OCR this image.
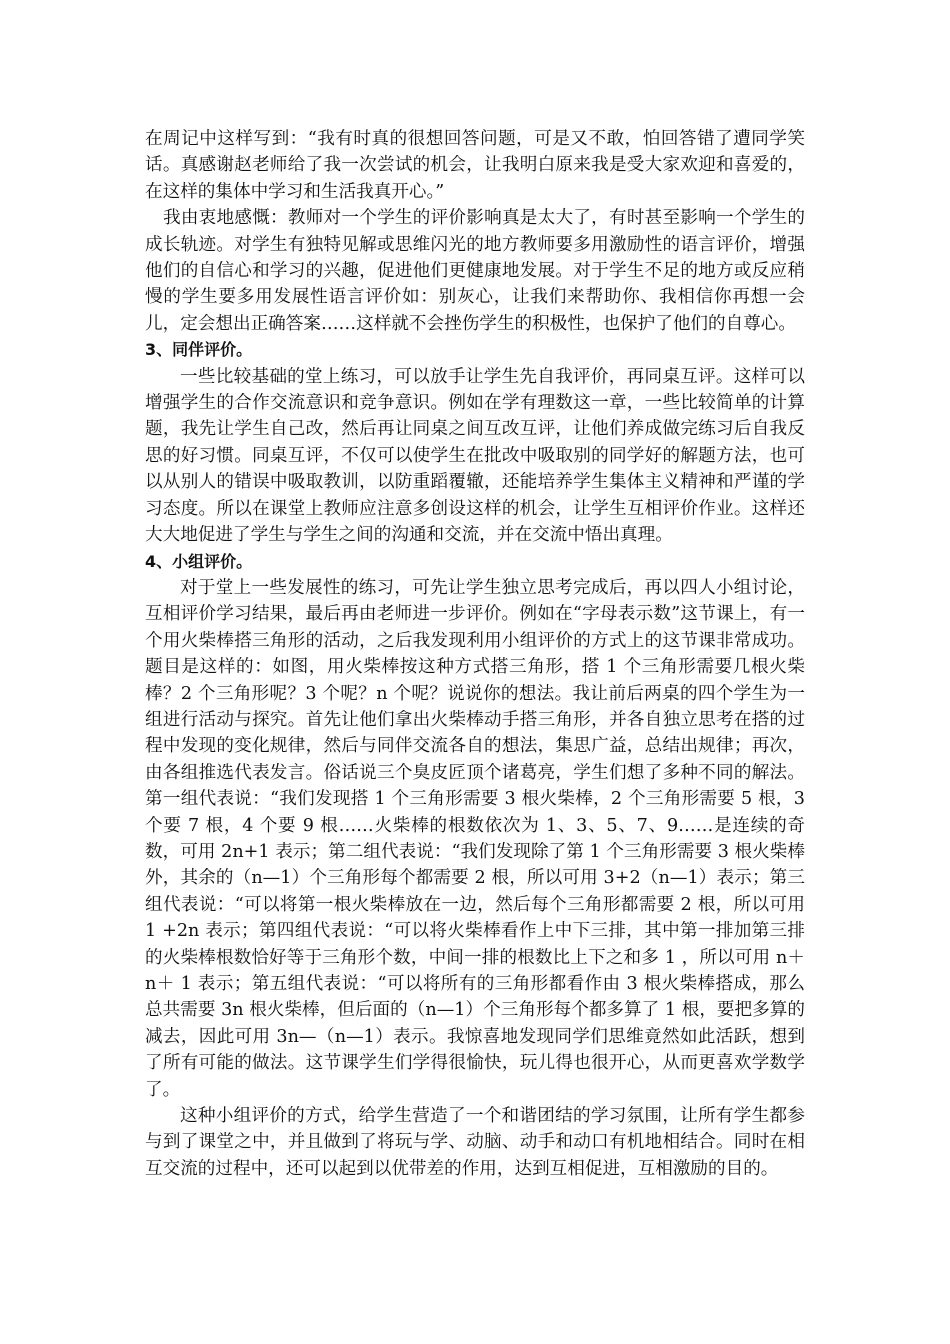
在周记中这样写到：“我有时真的很想回答问题，可是又不敢，怕回答错了遭同学笑话。真感谢赵老师给了我一次尝试的机会，让我明白原来我是受大家欢迎和喜爱的，在这样的集体中学习和生活我真开心。”

我由衷地感慨：教师对一个学生的评价影响真是太大了，有时甚至影响一个学生的成长轨迹。对学生有独特见解或思维闪光的地方教师要多用激励性的语言评价，增强他们的自信心和学习的兴趣，促进他们更健康地发展。对于学生不足的地方或反应稍慢的学生要多用发展性语言评价如：别灰心，让我们来帮助你、我相信你再想一会儿，定会想出正确答案……这样就不会挫伤学生的积极性，也保护了他们的自尊心。

3、同伴评价。

一些比较基础的堂上练习，可以放手让学生先自我评价，再同桌互评。这样可以增强学生的合作交流意识和竞争意识。例如在学有理数这一章，一些比较简单的计算题，我先让学生自己改，然后再让同桌之间互改互评，让他们养成做完练习后自我反思的好习惯。同桌互评，不仅可以使学生在批改中吸取别的同学好的解题方法，也可以从别人的错误中吸取教训，以防重蹈覆辙，还能培养学生集体主义精神和严谨的学习态度。所以在课堂上教师应注意多创设这样的机会，让学生互相评价作业。这样还大大地促进了学生与学生之间的沟通和交流，并在交流中悟出真理。

4、小组评价。

对于堂上一些发展性的练习，可先让学生独立思考完成后，再以四人小组讨论，互相评价学习结果，最后再由老师进一步评价。例如在“字母表示数”这节课上，有一个用火柴棒搭三角形的活动，之后我发现利用小组评价的方式上的这节课非常成功。题目是这样的：如图，用火柴棒按这种方式搭三角形，搭 1 个三角形需要几根火柴棒？2 个三角形呢？3 个呢？n 个呢？说说你的想法。我让前后两桌的四个学生为一组进行活动与探究。首先让他们拿出火柴棒动手搭三角形，并各自独立思考在搭的过程中发现的变化规律，然后与同伴交流各自的想法，集思广益，总结出规律；再次，由各组推选代表发言。俗话说三个臭皮匠顶个诸葛亮，学生们想了多种不同的解法。第一组代表说：“我们发现搭 1 个三角形需要 3 根火柴棒，2 个三角形需要 5 根，3 个要 7 根，4 个要 9 根……火柴棒的根数依次为 1、3、5、7、9……是连续的奇数，可用 2n+1 表示；第二组代表说：“我们发现除了第 1 个三角形需要 3 根火柴棒外，其余的（n—1）个三角形每个都需要 2 根，所以可用 3+2（n—1）表示；第三组代表说：“可以将第一根火柴棒放在一边，然后每个三角形都需要 2 根，所以可用 1 +2n 表示；第四组代表说：“可以将火柴棒看作上中下三排，其中第一排加第三排的火柴棒根数恰好等于三角形个数，中间一排的根数比上下之和多 1 ，所以可用 n＋n＋ 1 表示；第五组代表说：“可以将所有的三角形都看作由 3 根火柴棒搭成，那么总共需要 3n 根火柴棒，但后面的（n—1）个三角形每个都多算了 1 根，要把多算的减去，因此可用 3n—（n—1）表示。我惊喜地发现同学们思维竟然如此活跃，想到了所有可能的做法。这节课学生们学得很愉快，玩儿得也很开心，从而更喜欢学数学了。

这种小组评价的方式，给学生营造了一个和谐团结的学习氛围，让所有学生都参与到了课堂之中，并且做到了将玩与学、动脑、动手和动口有机地相结合。同时在相互交流的过程中，还可以起到以优带差的作用，达到互相促进，互相激励的目的。
